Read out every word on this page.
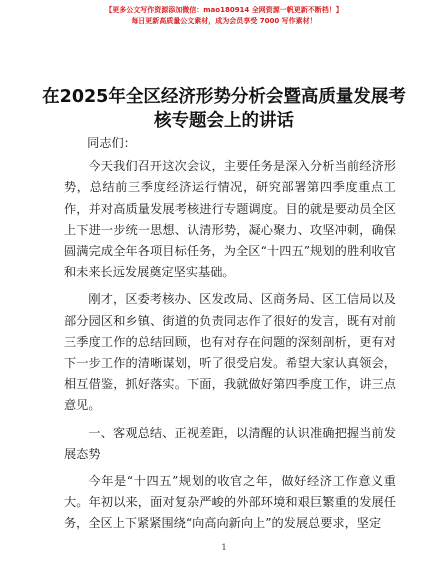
【更多公文写作资源添加微信：mao180914 全网资源一帆更新不断档！】
每日更新高质量公文素材，成为会员享受 7000 写作素材！
在2025年全区经济形势分析会暨高质量发展考核专题会上的讲话

同志们：

今天我们召开这次会议，主要任务是深入分析当前经济形势，总结前三季度经济运行情况，研究部署第四季度重点工作，并对高质量发展考核进行专题调度。目的就是要动员全区上下进一步统一思想、认清形势，凝心聚力、攻坚冲刺，确保圆满完成全年各项目标任务，为全区“十四五”规划的胜利收官和未来长远发展奠定坚实基础。

刚才，区委考核办、区发改局、区商务局、区工信局以及部分园区和乡镇、街道的负责同志作了很好的发言，既有对前三季度工作的总结回顾，也有对存在问题的深刻剖析，更有对下一步工作的清晰谋划，听了很受启发。希望大家认真领会，相互借鉴，抓好落实。下面，我就做好第四季度工作，讲三点意见。

一、客观总结、正视差距，以清醒的认识准确把握当前发展态势

今年是“十四五”规划的收官之年，做好经济工作意义重大。年初以来，面对复杂严峻的外部环境和艰巨繁重的发展任务，全区上下紧紧围绕“向高向新向上”的发展总要求，坚定

1
